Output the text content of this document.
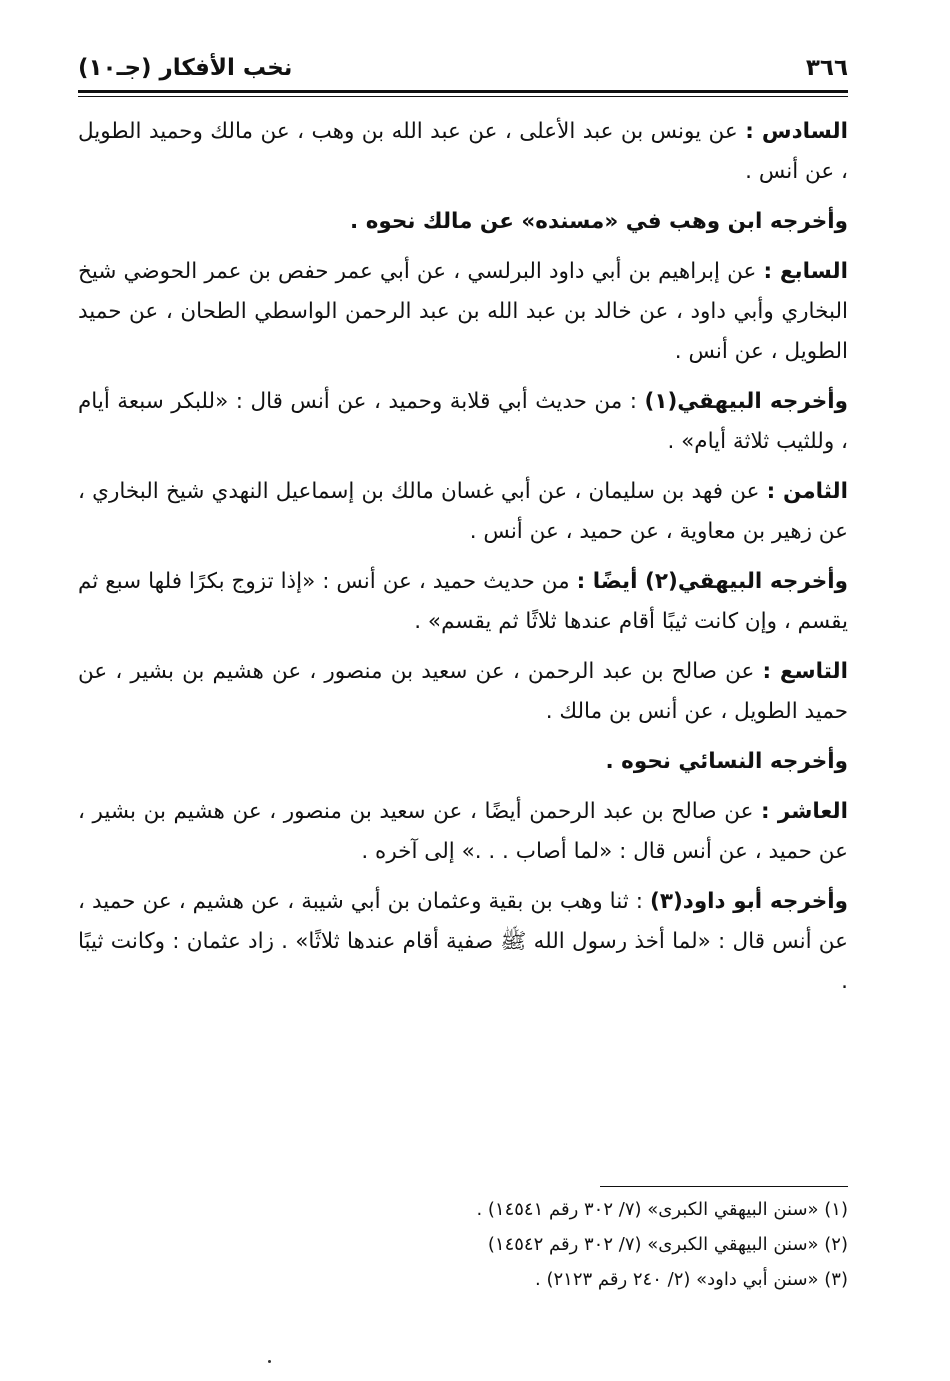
٣٦٦
نخب الأفكار (جـ١٠)

السادس : عن يونس بن عبد الأعلى ، عن عبد الله بن وهب ، عن مالك وحميد الطويل ، عن أنس .

وأخرجه ابن وهب في «مسنده» عن مالك نحوه .

السابع : عن إبراهيم بن أبي داود البرلسي ، عن أبي عمر حفص بن عمر الحوضي شيخ البخاري وأبي داود ، عن خالد بن عبد الله بن عبد الرحمن الواسطي الطحان ، عن حميد الطويل ، عن أنس .

وأخرجه البيهقي(١) : من حديث أبي قلابة وحميد ، عن أنس قال : «للبكر سبعة أيام ، وللثيب ثلاثة أيام» .

الثامن : عن فهد بن سليمان ، عن أبي غسان مالك بن إسماعيل النهدي شيخ البخاري ، عن زهير بن معاوية ، عن حميد ، عن أنس .

وأخرجه البيهقي(٢) أيضًا : من حديث حميد ، عن أنس : «إذا تزوج بكرًا فلها سبع ثم يقسم ، وإن كانت ثيبًا أقام عندها ثلاثًا ثم يقسم» .

التاسع : عن صالح بن عبد الرحمن ، عن سعيد بن منصور ، عن هشيم بن بشير ، عن حميد الطويل ، عن أنس بن مالك .

وأخرجه النسائي نحوه .

العاشر : عن صالح بن عبد الرحمن أيضًا ، عن سعيد بن منصور ، عن هشيم بن بشير ، عن حميد ، عن أنس قال : «لما أصاب . . .» إلى آخره .

وأخرجه أبو داود(٣) : ثنا وهب بن بقية وعثمان بن أبي شيبة ، عن هشيم ، عن حميد ، عن أنس قال : «لما أخذ رسول الله ﷺ صفية أقام عندها ثلاثًا» . زاد عثمان : وكانت ثيبًا .

(١) «سنن البيهقي الكبرى» (٧/ ٣٠٢ رقم ١٤٥٤١) .
(٢) «سنن البيهقي الكبرى» (٧/ ٣٠٢ رقم ١٤٥٤٢)
(٣) «سنن أبي داود» (٢/ ٢٤٠ رقم ٢١٢٣) .
